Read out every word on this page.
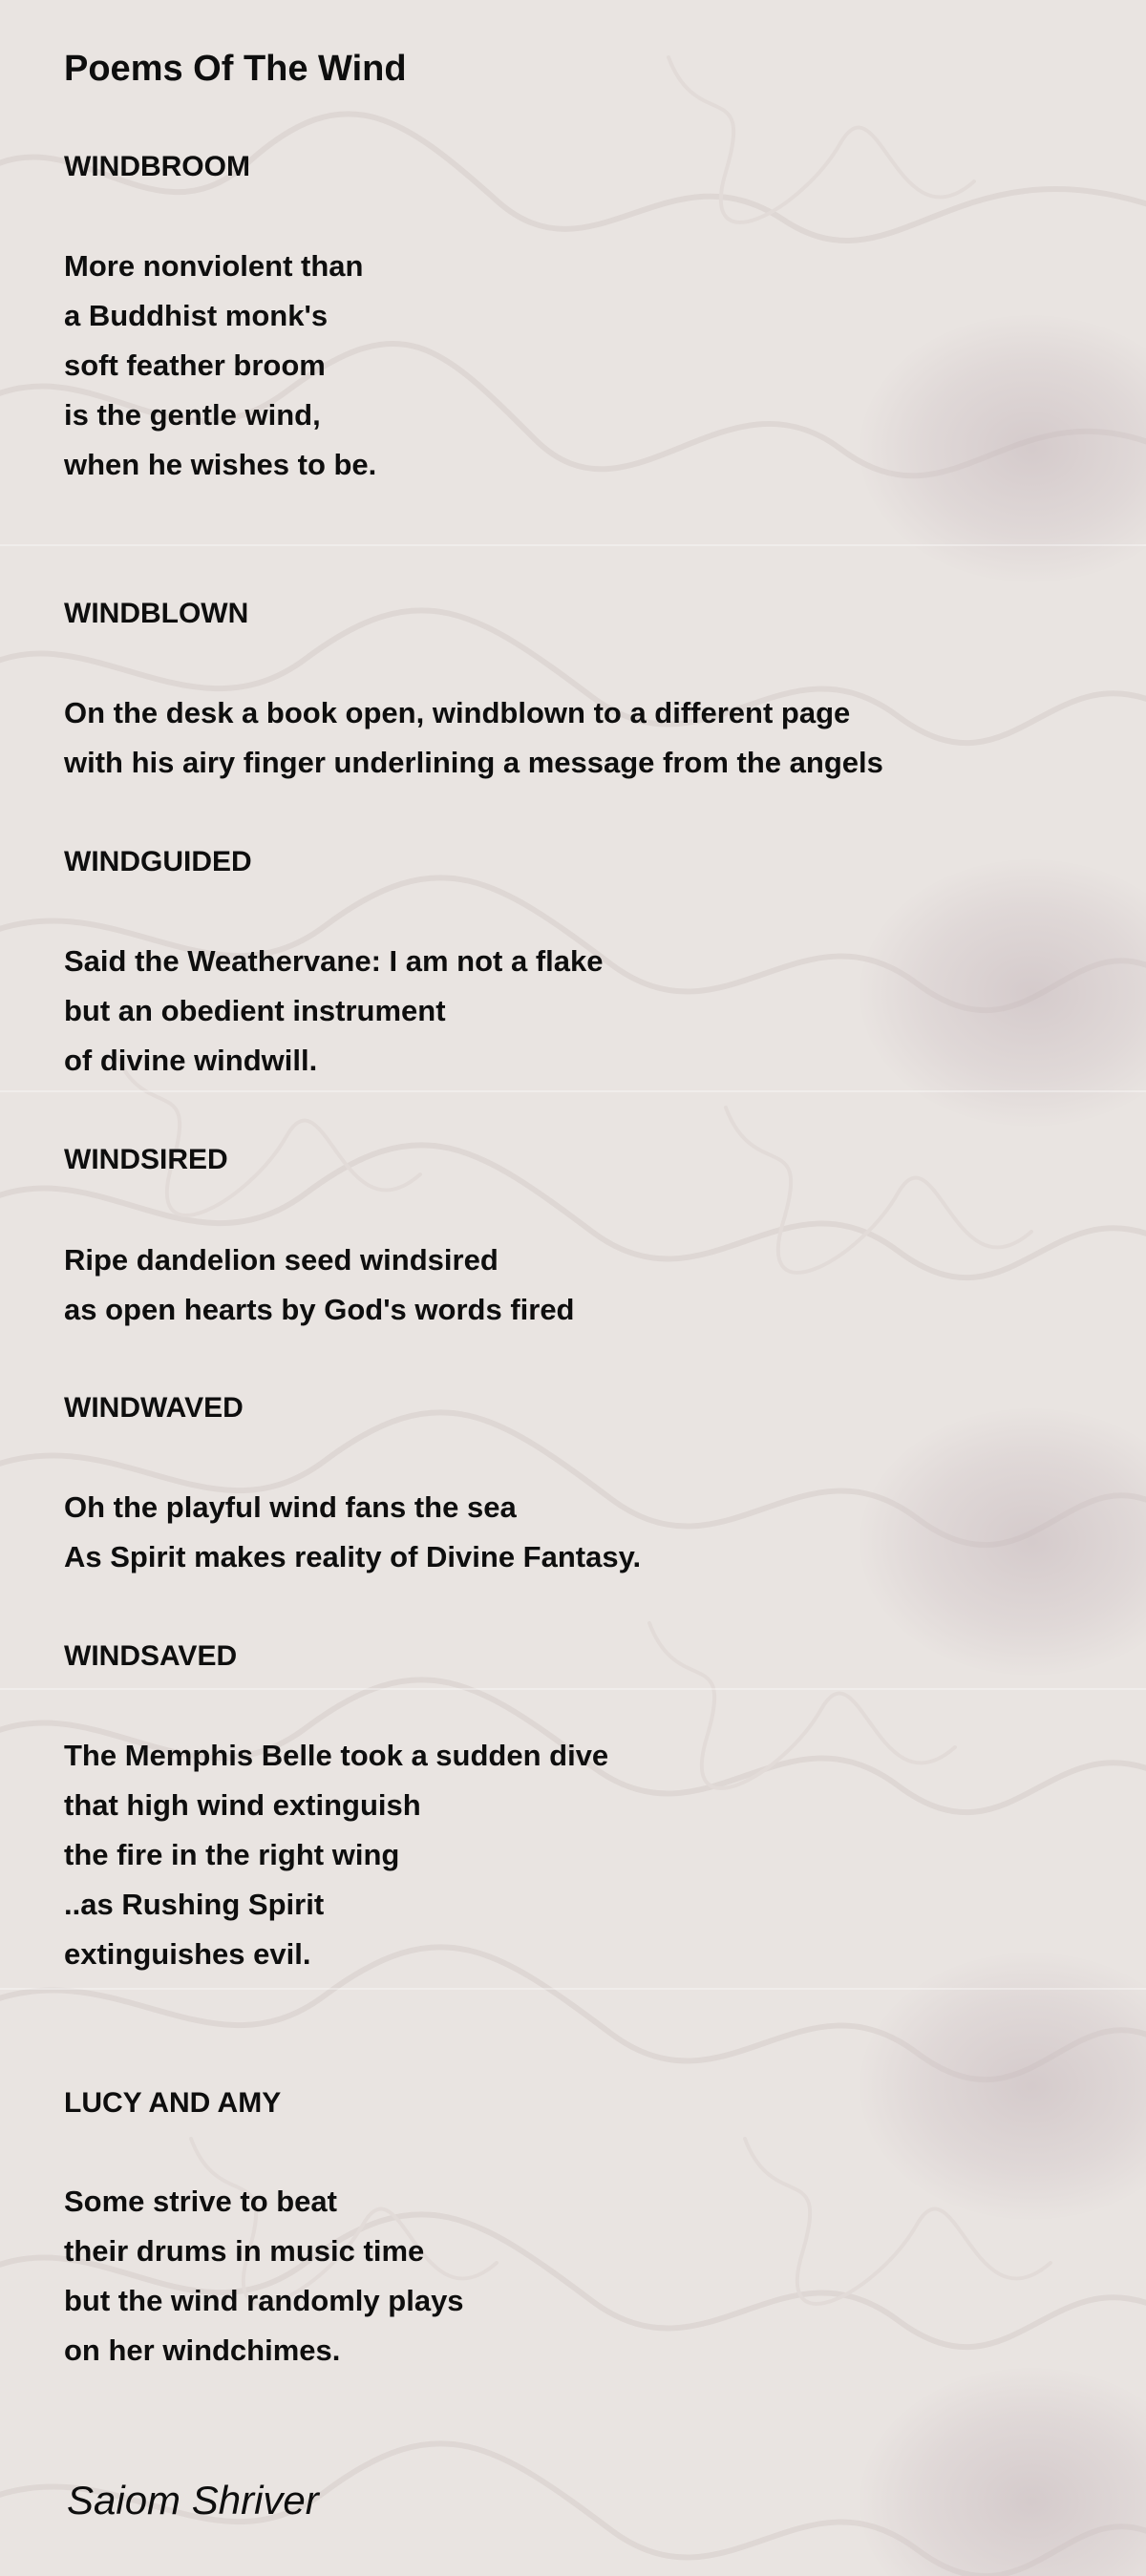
Poems Of The Wind
WINDBROOM
More nonviolent than
a Buddhist monk's
soft feather broom
is the gentle wind,
when he wishes to be.
WINDBLOWN
On the desk a book open, windblown to a different page
with his airy finger underlining a message from the angels
WINDGUIDED
Said the Weathervane: I am not a flake
but an obedient instrument
of divine windwill.
WINDSIRED
Ripe dandelion seed windsired
as open hearts by God's words fired
WINDWAVED
Oh the playful wind fans the sea
As Spirit makes reality of Divine Fantasy.
WINDSAVED
The Memphis Belle took a sudden dive
that high wind extinguish
the fire in the right wing
..as Rushing Spirit
extinguishes evil.
LUCY AND AMY
Some strive to beat
their drums in music time
but the wind randomly plays
on her windchimes.
Saiom Shriver
